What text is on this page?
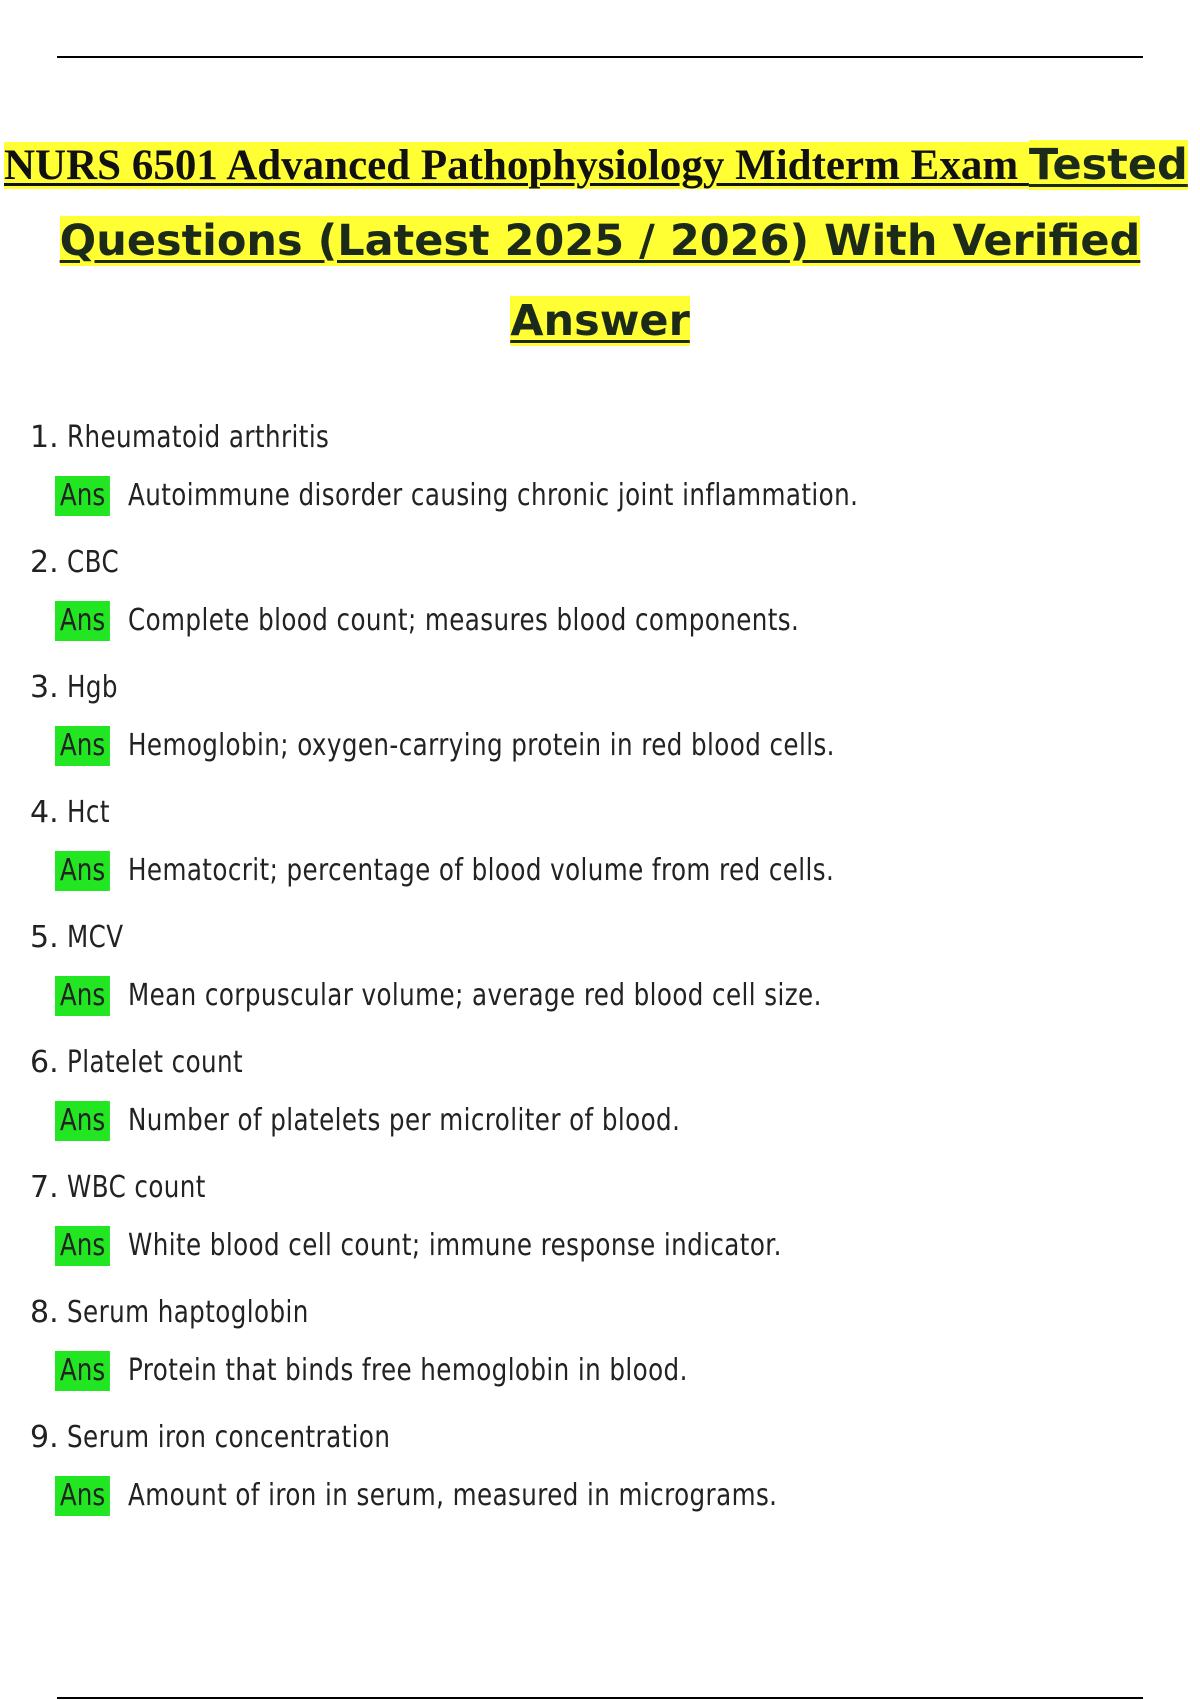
NURS 6501 Advanced Pathophysiology Midterm Exam Tested
Questions (Latest 2025 / 2026) With Verified
Answer
1. Rheumatoid arthritis
Ans Autoimmune disorder causing chronic joint inflammation.
2. CBC
Ans Complete blood count; measures blood components.
3. Hgb
Ans Hemoglobin; oxygen-carrying protein in red blood cells.
4. Hct
Ans Hematocrit; percentage of blood volume from red cells.
5. MCV
Ans Mean corpuscular volume; average red blood cell size.
6. Platelet count
Ans Number of platelets per microliter of blood.
7. WBC count
Ans White blood cell count; immune response indicator.
8. Serum haptoglobin
Ans Protein that binds free hemoglobin in blood.
9. Serum iron concentration
Ans Amount of iron in serum, measured in micrograms.
